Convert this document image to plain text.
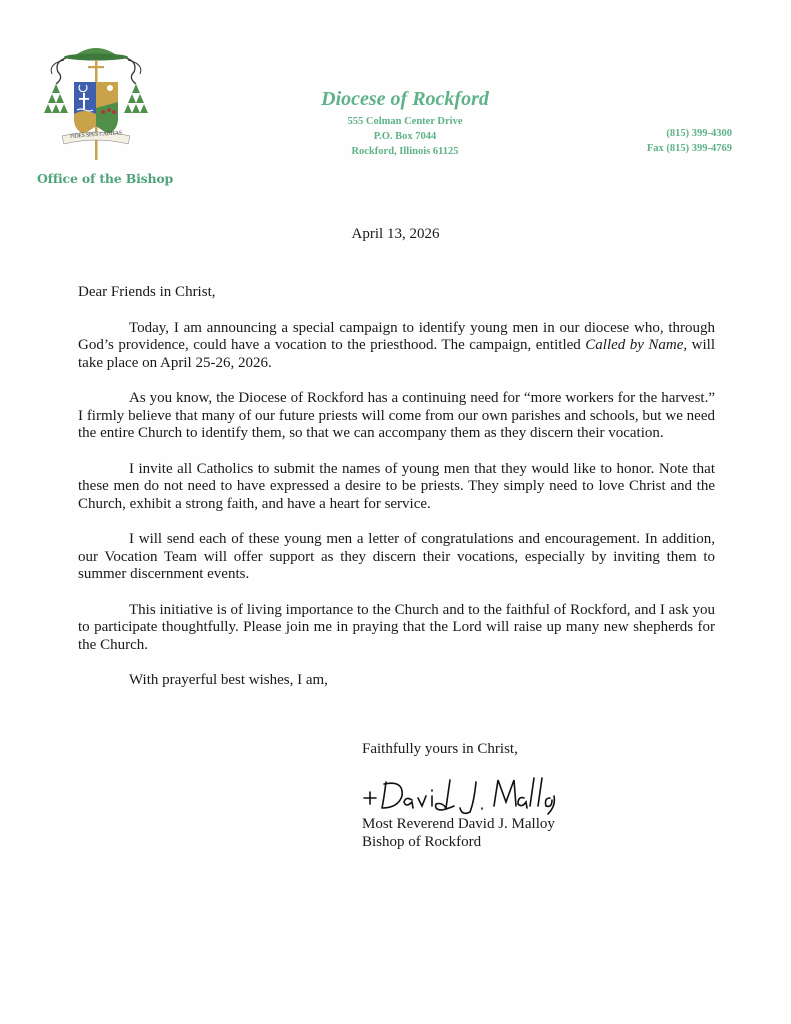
FIDES SPES CARITAS
Office of the Bishop
Diocese of Rockford
555 Colman Center Drive
P.O. Box 7044
Rockford, Illinois 61125
(815) 399-4300
Fax (815) 399-4769
April 13, 2026

Dear Friends in Christ,

Today, I am announcing a special campaign to identify young men in our diocese who, through God’s providence, could have a vocation to the priesthood. The campaign, entitled Called by Name, will take place on April 25-26, 2026.

As you know, the Diocese of Rockford has a continuing need for “more workers for the harvest.” I firmly believe that many of our future priests will come from our own parishes and schools, but we need the entire Church to identify them, so that we can accompany them as they discern their vocation.

I invite all Catholics to submit the names of young men that they would like to honor. Note that these men do not need to have expressed a desire to be priests. They simply need to love Christ and the Church, exhibit a strong faith, and have a heart for service.

I will send each of these young men a letter of congratulations and encouragement. In addition, our Vocation Team will offer support as they discern their vocations, especially by inviting them to summer discernment events.

This initiative is of living importance to the Church and to the faithful of Rockford, and I ask you to participate thoughtfully. Please join me in praying that the Lord will raise up many new shepherds for the Church.

With prayerful best wishes, I am,

Faithfully yours in Christ,
Most Reverend David J. Malloy
Bishop of Rockford
